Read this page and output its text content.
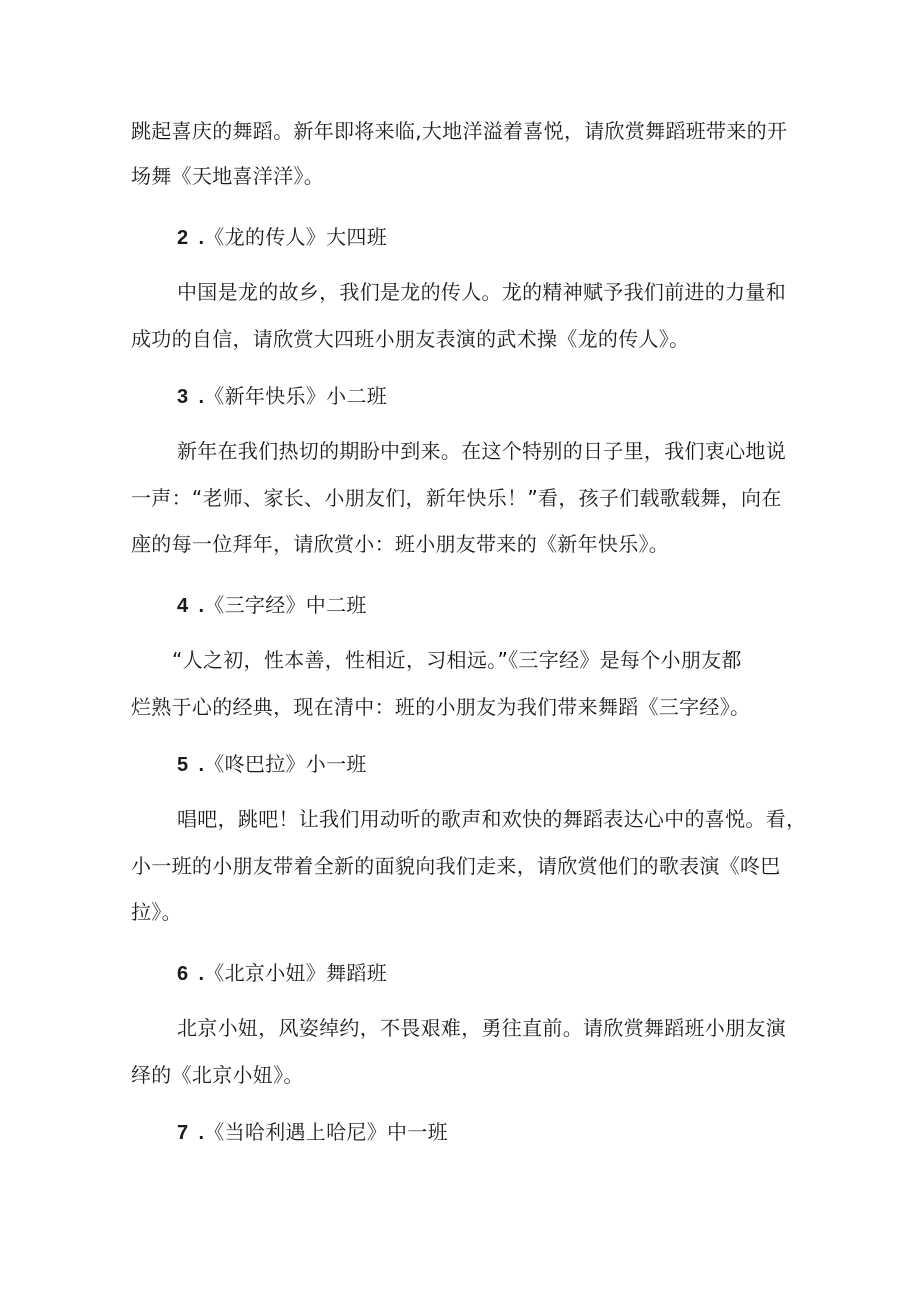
跳起喜庆的舞蹈。新年即将来临,大地洋溢着喜悦，请欣赏舞蹈班带来的开
场舞《天地喜洋洋》。
2 .《龙的传人》大四班
中国是龙的故乡，我们是龙的传人。龙的精神赋予我们前进的力量和
成功的自信，请欣赏大四班小朋友表演的武术操《龙的传人》。
3 .《新年快乐》小二班
新年在我们热切的期盼中到来。在这个特别的日子里，我们衷心地说
一声：“老师、家长、小朋友们，新年快乐！”看，孩子们载歌载舞，向在
座的每一位拜年，请欣赏小：班小朋友带来的《新年快乐》。
4 .《三字经》中二班
“人之初，性本善，性相近，习相远。”《三字经》是每个小朋友都
烂熟于心的经典，现在清中：班的小朋友为我们带来舞蹈《三字经》。
5 .《咚巴拉》小一班
唱吧，跳吧！让我们用动听的歌声和欢快的舞蹈表达心中的喜悦。看，
小一班的小朋友带着全新的面貌向我们走来，请欣赏他们的歌表演《咚巴
拉》。
6 .《北京小妞》舞蹈班
北京小妞，风姿绰约，不畏艰难，勇往直前。请欣赏舞蹈班小朋友演
绎的《北京小妞》。
7 .《当哈利遇上哈尼》中一班
